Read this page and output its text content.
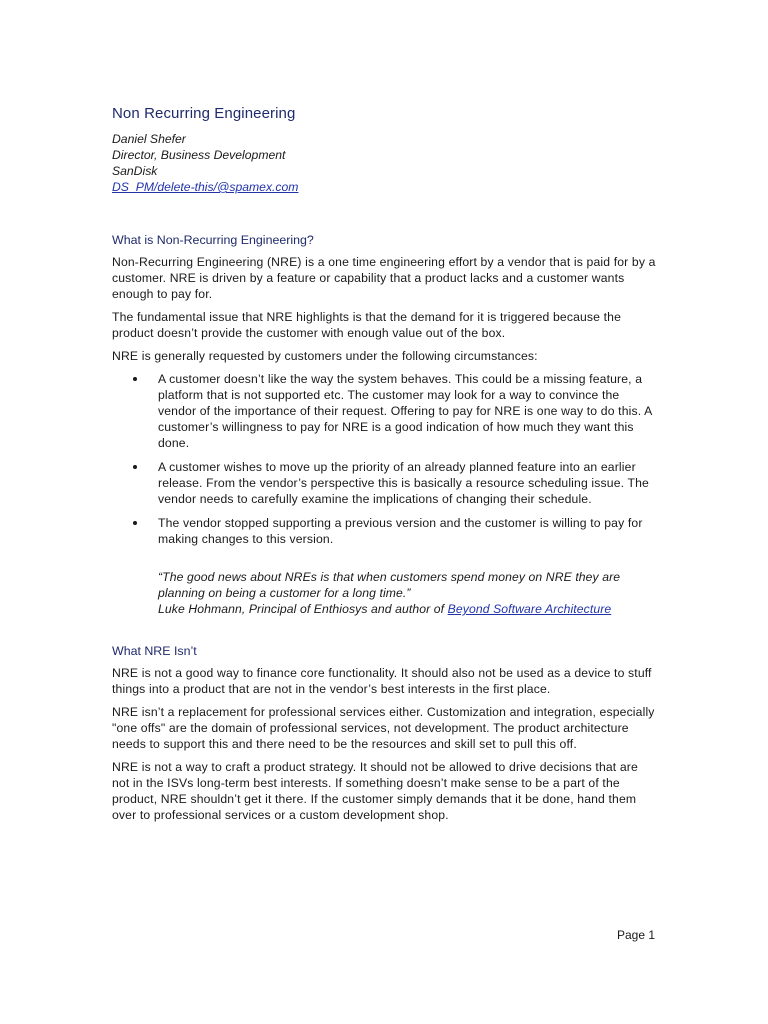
Non Recurring Engineering
Daniel Shefer
Director, Business Development
SanDisk
DS_PM/delete-this/@spamex.com
What is Non-Recurring Engineering?

Non-Recurring Engineering (NRE) is a one time engineering effort by a vendor that is paid for by a customer. NRE is driven by a feature or capability that a product lacks and a customer wants enough to pay for.

The fundamental issue that NRE highlights is that the demand for it is triggered because the product doesn’t provide the customer with enough value out of the box.

NRE is generally requested by customers under the following circumstances:

A customer doesn’t like the way the system behaves. This could be a missing feature, a platform that is not supported etc. The customer may look for a way to convince the vendor of the importance of their request. Offering to pay for NRE is one way to do this. A customer’s willingness to pay for NRE is a good indication of how much they want this done.
A customer wishes to move up the priority of an already planned feature into an earlier release. From the vendor’s perspective this is basically a resource scheduling issue. The vendor needs to carefully examine the implications of changing their schedule.
The vendor stopped supporting a previous version and the customer is willing to pay for making changes to this version.
“The good news about NREs is that when customers spend money on NRE they are planning on being a customer for a long time.”
Luke Hohmann, Principal of Enthiosys and author of Beyond Software Architecture
What NRE Isn’t

NRE is not a good way to finance core functionality. It should also not be used as a device to stuff things into a product that are not in the vendor’s best interests in the first place.

NRE isn’t a replacement for professional services either. Customization and integration, especially "one offs" are the domain of professional services, not development. The product architecture needs to support this and there need to be the resources and skill set to pull this off.

NRE is not a way to craft a product strategy. It should not be allowed to drive decisions that are not in the ISVs long-term best interests. If something doesn’t make sense to be a part of the product, NRE shouldn’t get it there. If the customer simply demands that it be done, hand them over to professional services or a custom development shop.

Page 1
